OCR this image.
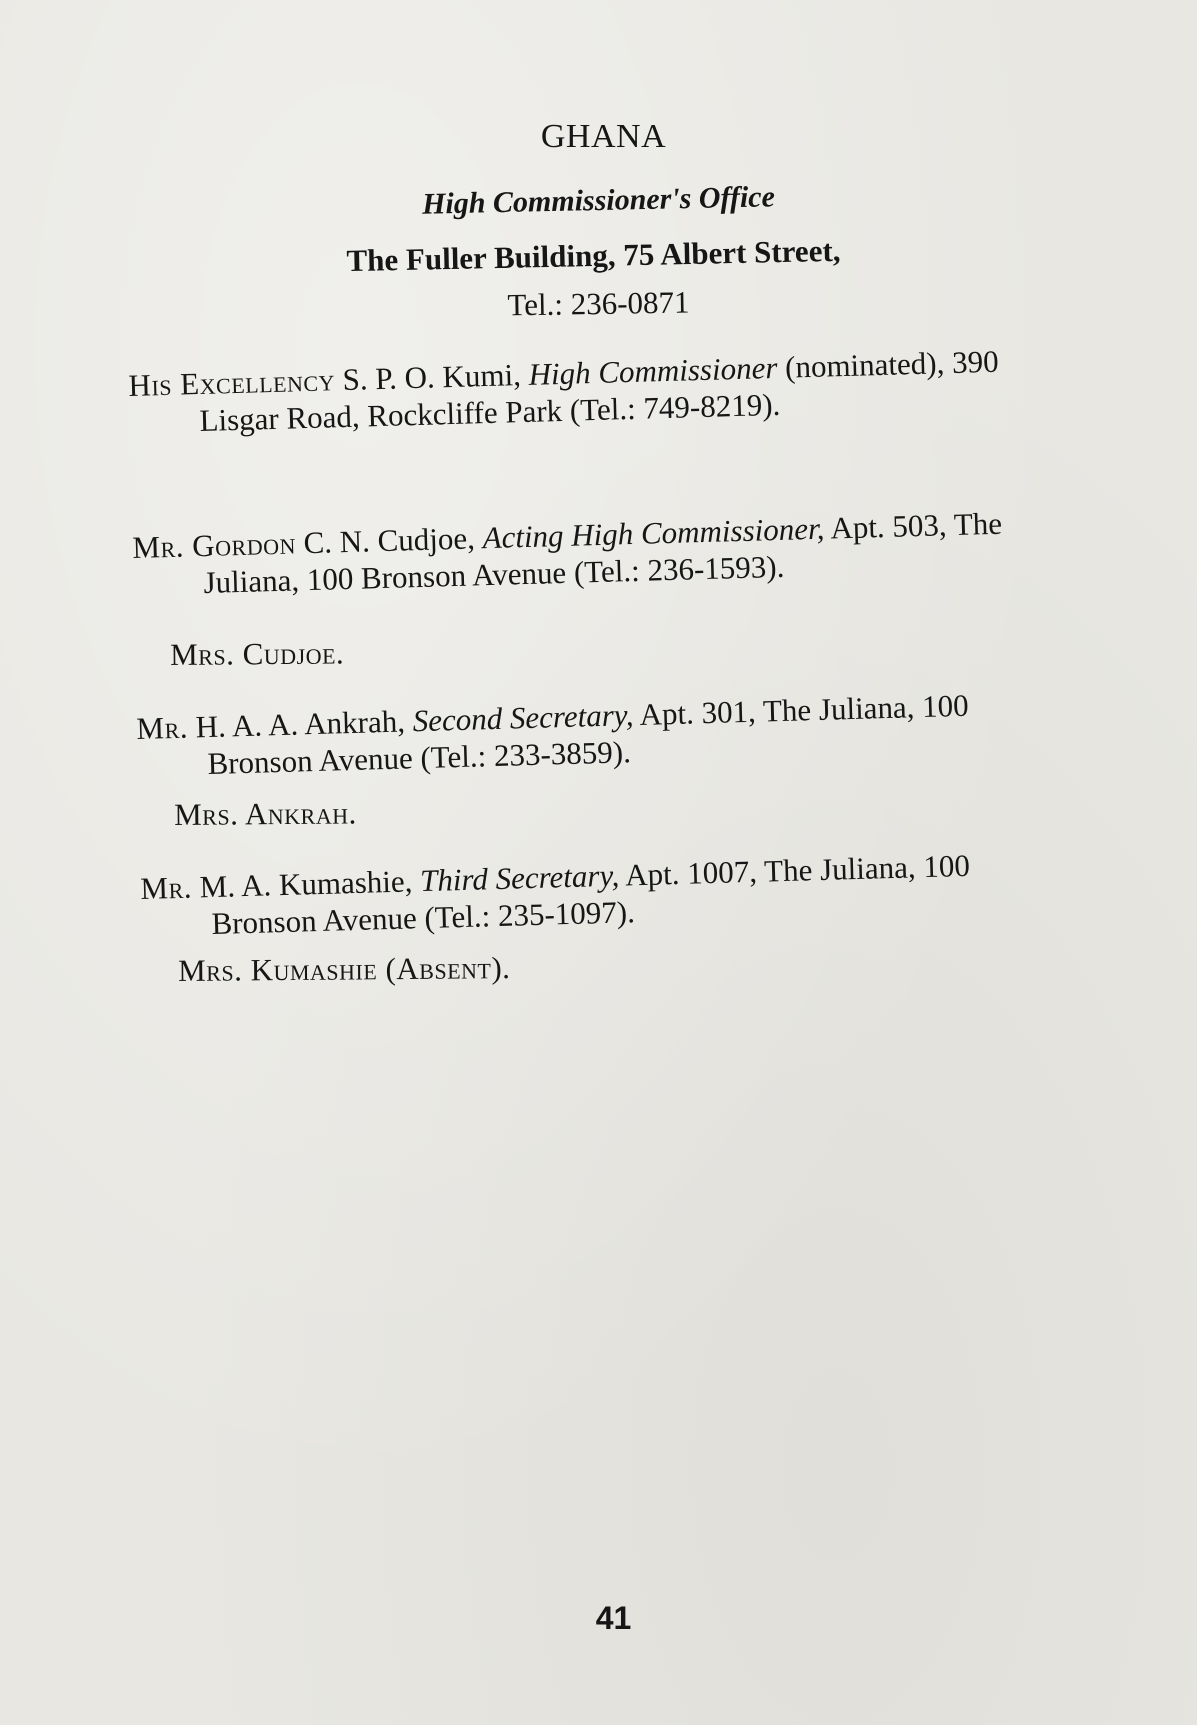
GHANA
High Commissioner's Office
The Fuller Building, 75 Albert Street,
Tel.: 236-0871
His Excellency S. P. O. Kumi, High Commissioner (nominated), 390 Lisgar Road, Rockcliffe Park (Tel.: 749-8219).
Mr. Gordon C. N. Cudjoe, Acting High Commissioner, Apt. 503, The Juliana, 100 Bronson Avenue (Tel.: 236-1593).
Mrs. Cudjoe.
Mr. H. A. A. Ankrah, Second Secretary, Apt. 301, The Juliana, 100 Bronson Avenue (Tel.: 233-3859).
Mrs. Ankrah.
Mr. M. A. Kumashie, Third Secretary, Apt. 1007, The Juliana, 100 Bronson Avenue (Tel.: 235-1097).
Mrs. Kumashie (Absent).
41
